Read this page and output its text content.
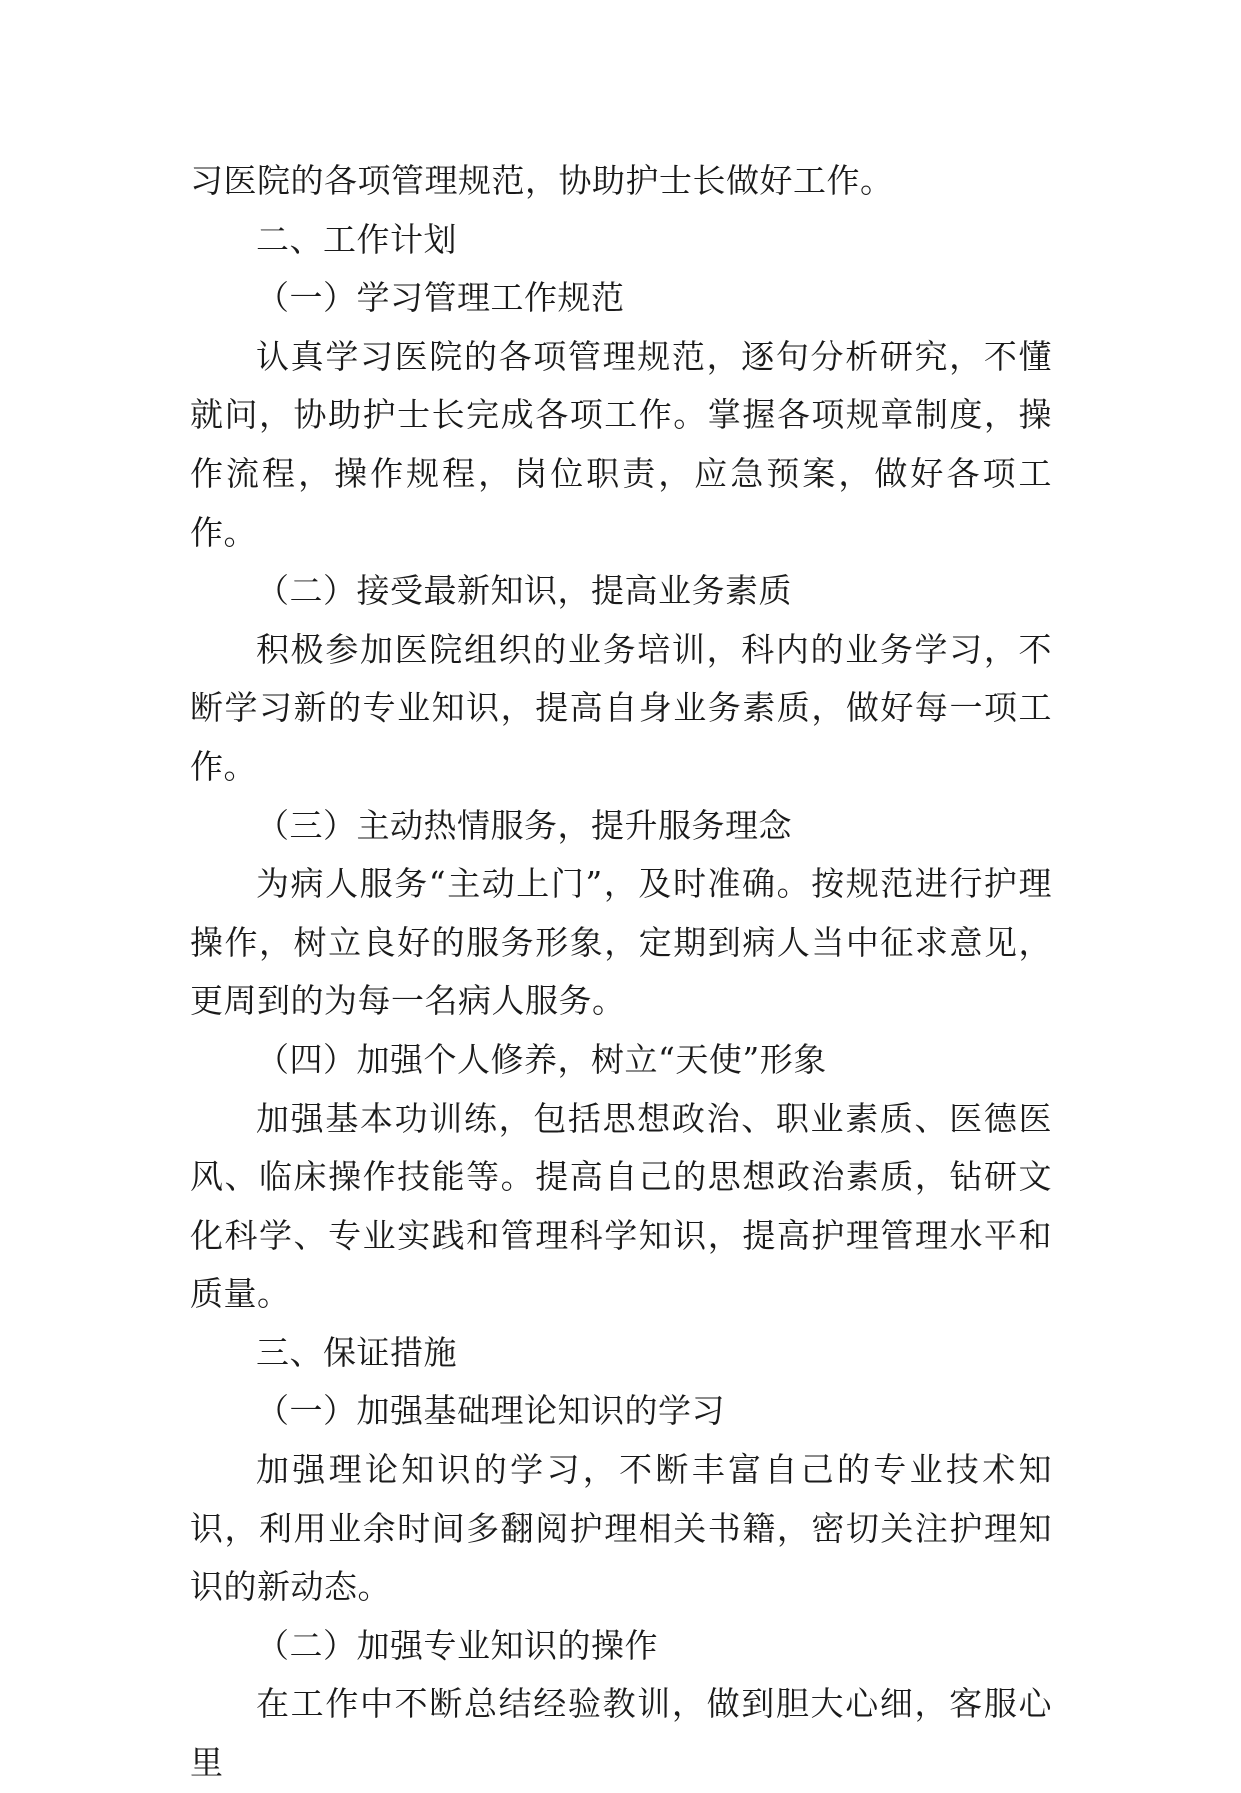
习医院的各项管理规范，协助护士长做好工作。

二、工作计划

（一）学习管理工作规范

认真学习医院的各项管理规范，逐句分析研究，不懂就问，协助护士长完成各项工作。掌握各项规章制度，操作流程，操作规程，岗位职责，应急预案，做好各项工作。

（二）接受最新知识，提高业务素质

积极参加医院组织的业务培训，科内的业务学习，不断学习新的专业知识，提高自身业务素质，做好每一项工作。

（三）主动热情服务，提升服务理念

为病人服务“主动上门”，及时准确。按规范进行护理操作，树立良好的服务形象，定期到病人当中征求意见，更周到的为每一名病人服务。

（四）加强个人修养，树立“天使”形象

加强基本功训练，包括思想政治、职业素质、医德医风、临床操作技能等。提高自己的思想政治素质，钻研文化科学、专业实践和管理科学知识，提高护理管理水平和质量。

三、保证措施

（一）加强基础理论知识的学习

加强理论知识的学习，不断丰富自己的专业技术知识，利用业余时间多翻阅护理相关书籍，密切关注护理知识的新动态。

（二）加强专业知识的操作

在工作中不断总结经验教训，做到胆大心细，客服心里
